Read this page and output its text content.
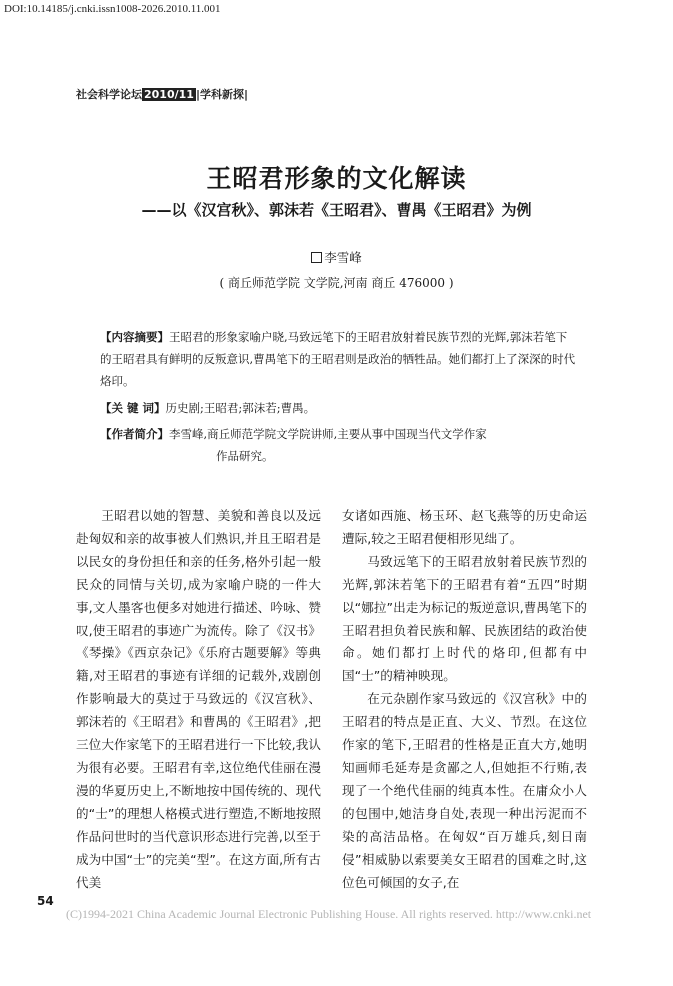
DOI:10.14185/j.cnki.issn1008-2026.2010.11.001
社会科学论坛 2010/11 |学科新探|
王昭君形象的文化解读
——以《汉宫秋》、郭沫若《王昭君》、曹禺《王昭君》为例
李雪峰
( 商丘师范学院 文学院,河南 商丘 476000 )
【内容摘要】王昭君的形象家喻户晓,马致远笔下的王昭君放射着民族节烈的光辉,郭沫若笔下的王昭君具有鲜明的反叛意识,曹禺笔下的王昭君则是政治的牺牲品。她们都打上了深深的时代烙印。
【关 键 词】历史剧;王昭君;郭沫若;曹禺。
【作者简介】李雪峰,商丘师范学院文学院讲师,主要从事中国现当代文学作家
作品研究。

王昭君以她的智慧、美貌和善良以及远赴匈奴和亲的故事被人们熟识,并且王昭君是以民女的身份担任和亲的任务,格外引起一般民众的同情与关切,成为家喻户晓的一件大事,文人墨客也便多对她进行描述、吟咏、赞叹,使王昭君的事迹广为流传。除了《汉书》《琴操》《西京杂记》《乐府古题要解》等典籍,对王昭君的事迹有详细的记载外,戏剧创作影响最大的莫过于马致远的《汉宫秋》、郭沫若的《王昭君》和曹禺的《王昭君》,把三位大作家笔下的王昭君进行一下比较,我认为很有必要。王昭君有幸,这位绝代佳丽在漫漫的华夏历史上,不断地按中国传统的、现代的“士”的理想人格模式进行塑造,不断地按照作品问世时的当代意识形态进行完善,以至于成为中国“士”的完美“型”。在这方面,所有古代美

女诸如西施、杨玉环、赵飞燕等的历史命运遭际,较之王昭君便相形见绌了。

马致远笔下的王昭君放射着民族节烈的光辉,郭沫若笔下的王昭君有着“五四”时期以“娜拉”出走为标记的叛逆意识,曹禺笔下的王昭君担负着民族和解、民族团结的政治使命。她们都打上时代的烙印,但都有中国“士”的精神映现。

在元杂剧作家马致远的《汉宫秋》中的王昭君的特点是正直、大义、节烈。在这位作家的笔下,王昭君的性格是正直大方,她明知画师毛延寿是贪鄙之人,但她拒不行贿,表现了一个绝代佳丽的纯真本性。在庸众小人的包围中,她洁身自处,表现一种出污泥而不染的高洁品格。在匈奴“百万雄兵,刻日南侵”相威胁以索要美女王昭君的国难之时,这位色可倾国的女子,在

54
(C)1994-2021 China Academic Journal Electronic Publishing House. All rights reserved. http://www.cnki.net
